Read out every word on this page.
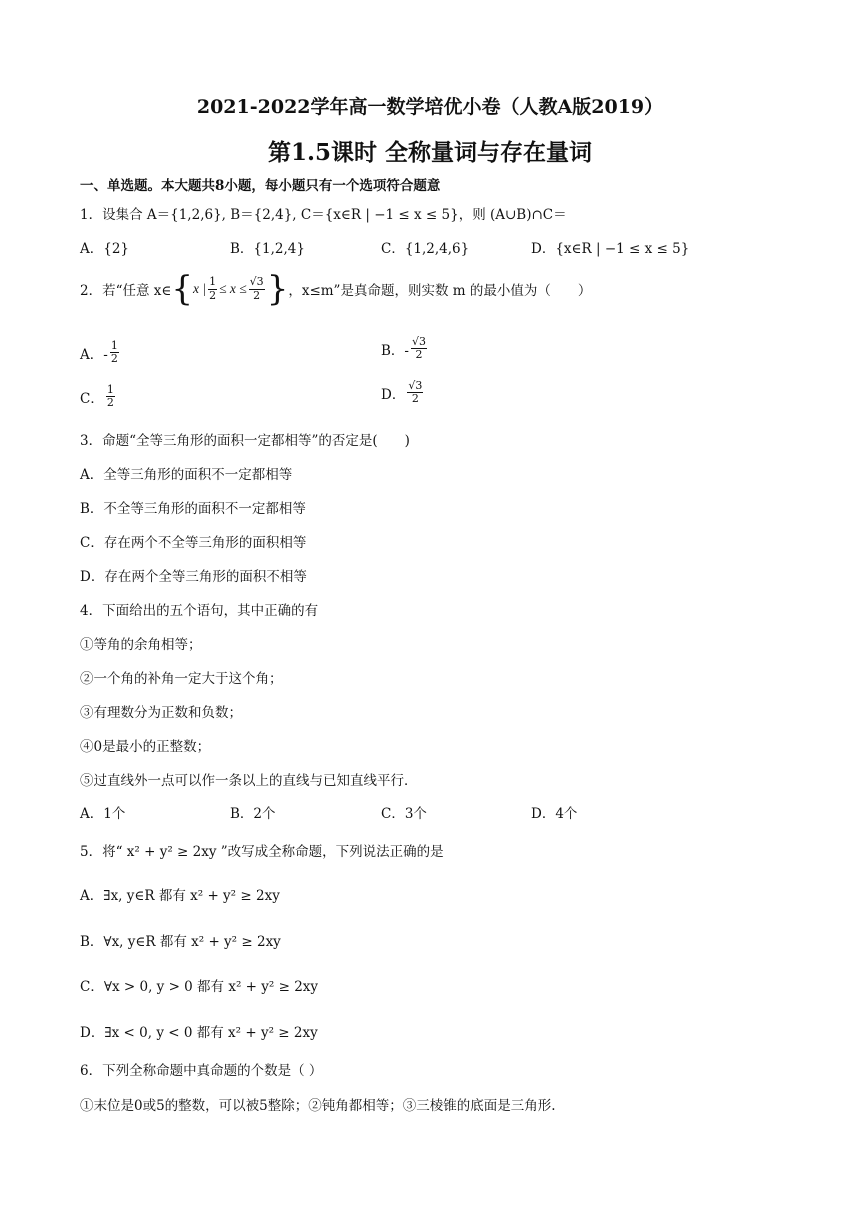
2021-2022学年高一数学培优小卷（人教A版2019）
第1.5课时 全称量词与存在量词
一、单选题。本大题共8小题，每小题只有一个选项符合题意
1．设集合 A＝{1,2,6}, B＝{2,4}, C＝{x∈R | −1 ≤ x ≤ 5}，则 (A∪B)∩C＝
A．{2}	B．{1,2,4}	C．{1,2,4,6}	D．{x∈R | −1 ≤ x ≤ 5}
2．若“任意 x∈ { x | $\frac{1}{2} \le x \le \frac{√3}{2}$ } ，x≤m”是真命题，则实数 m 的最小值为（　　）
A．- $\frac{1}{2}$	B．- $\frac{√3}{2}$
C． $\frac{1}{2}$	D． $\frac{√3}{2}$
3．命题“全等三角形的面积一定都相等”的否定是(　　)
A．全等三角形的面积不一定都相等
B．不全等三角形的面积不一定都相等
C．存在两个不全等三角形的面积相等
D．存在两个全等三角形的面积不相等
4．下面给出的五个语句，其中正确的有
①等角的余角相等；
②一个角的补角一定大于这个角；
③有理数分为正数和负数；
④0是最小的正整数；
⑤过直线外一点可以作一条以上的直线与已知直线平行．
A．1个	B．2个	C．3个	D．4个
5．将“ x² + y² ≥ 2xy ”改写成全称命题，下列说法正确的是
A．∃x, y∈R 都有 x² + y² ≥ 2xy
B．∀x, y∈R 都有 x² + y² ≥ 2xy
C．∀x > 0, y > 0 都有 x² + y² ≥ 2xy
D．∃x < 0, y < 0 都有 x² + y² ≥ 2xy
6．下列全称命题中真命题的个数是（ ）
①末位是0或5的整数，可以被5整除；②钝角都相等；③三棱锥的底面是三角形.
